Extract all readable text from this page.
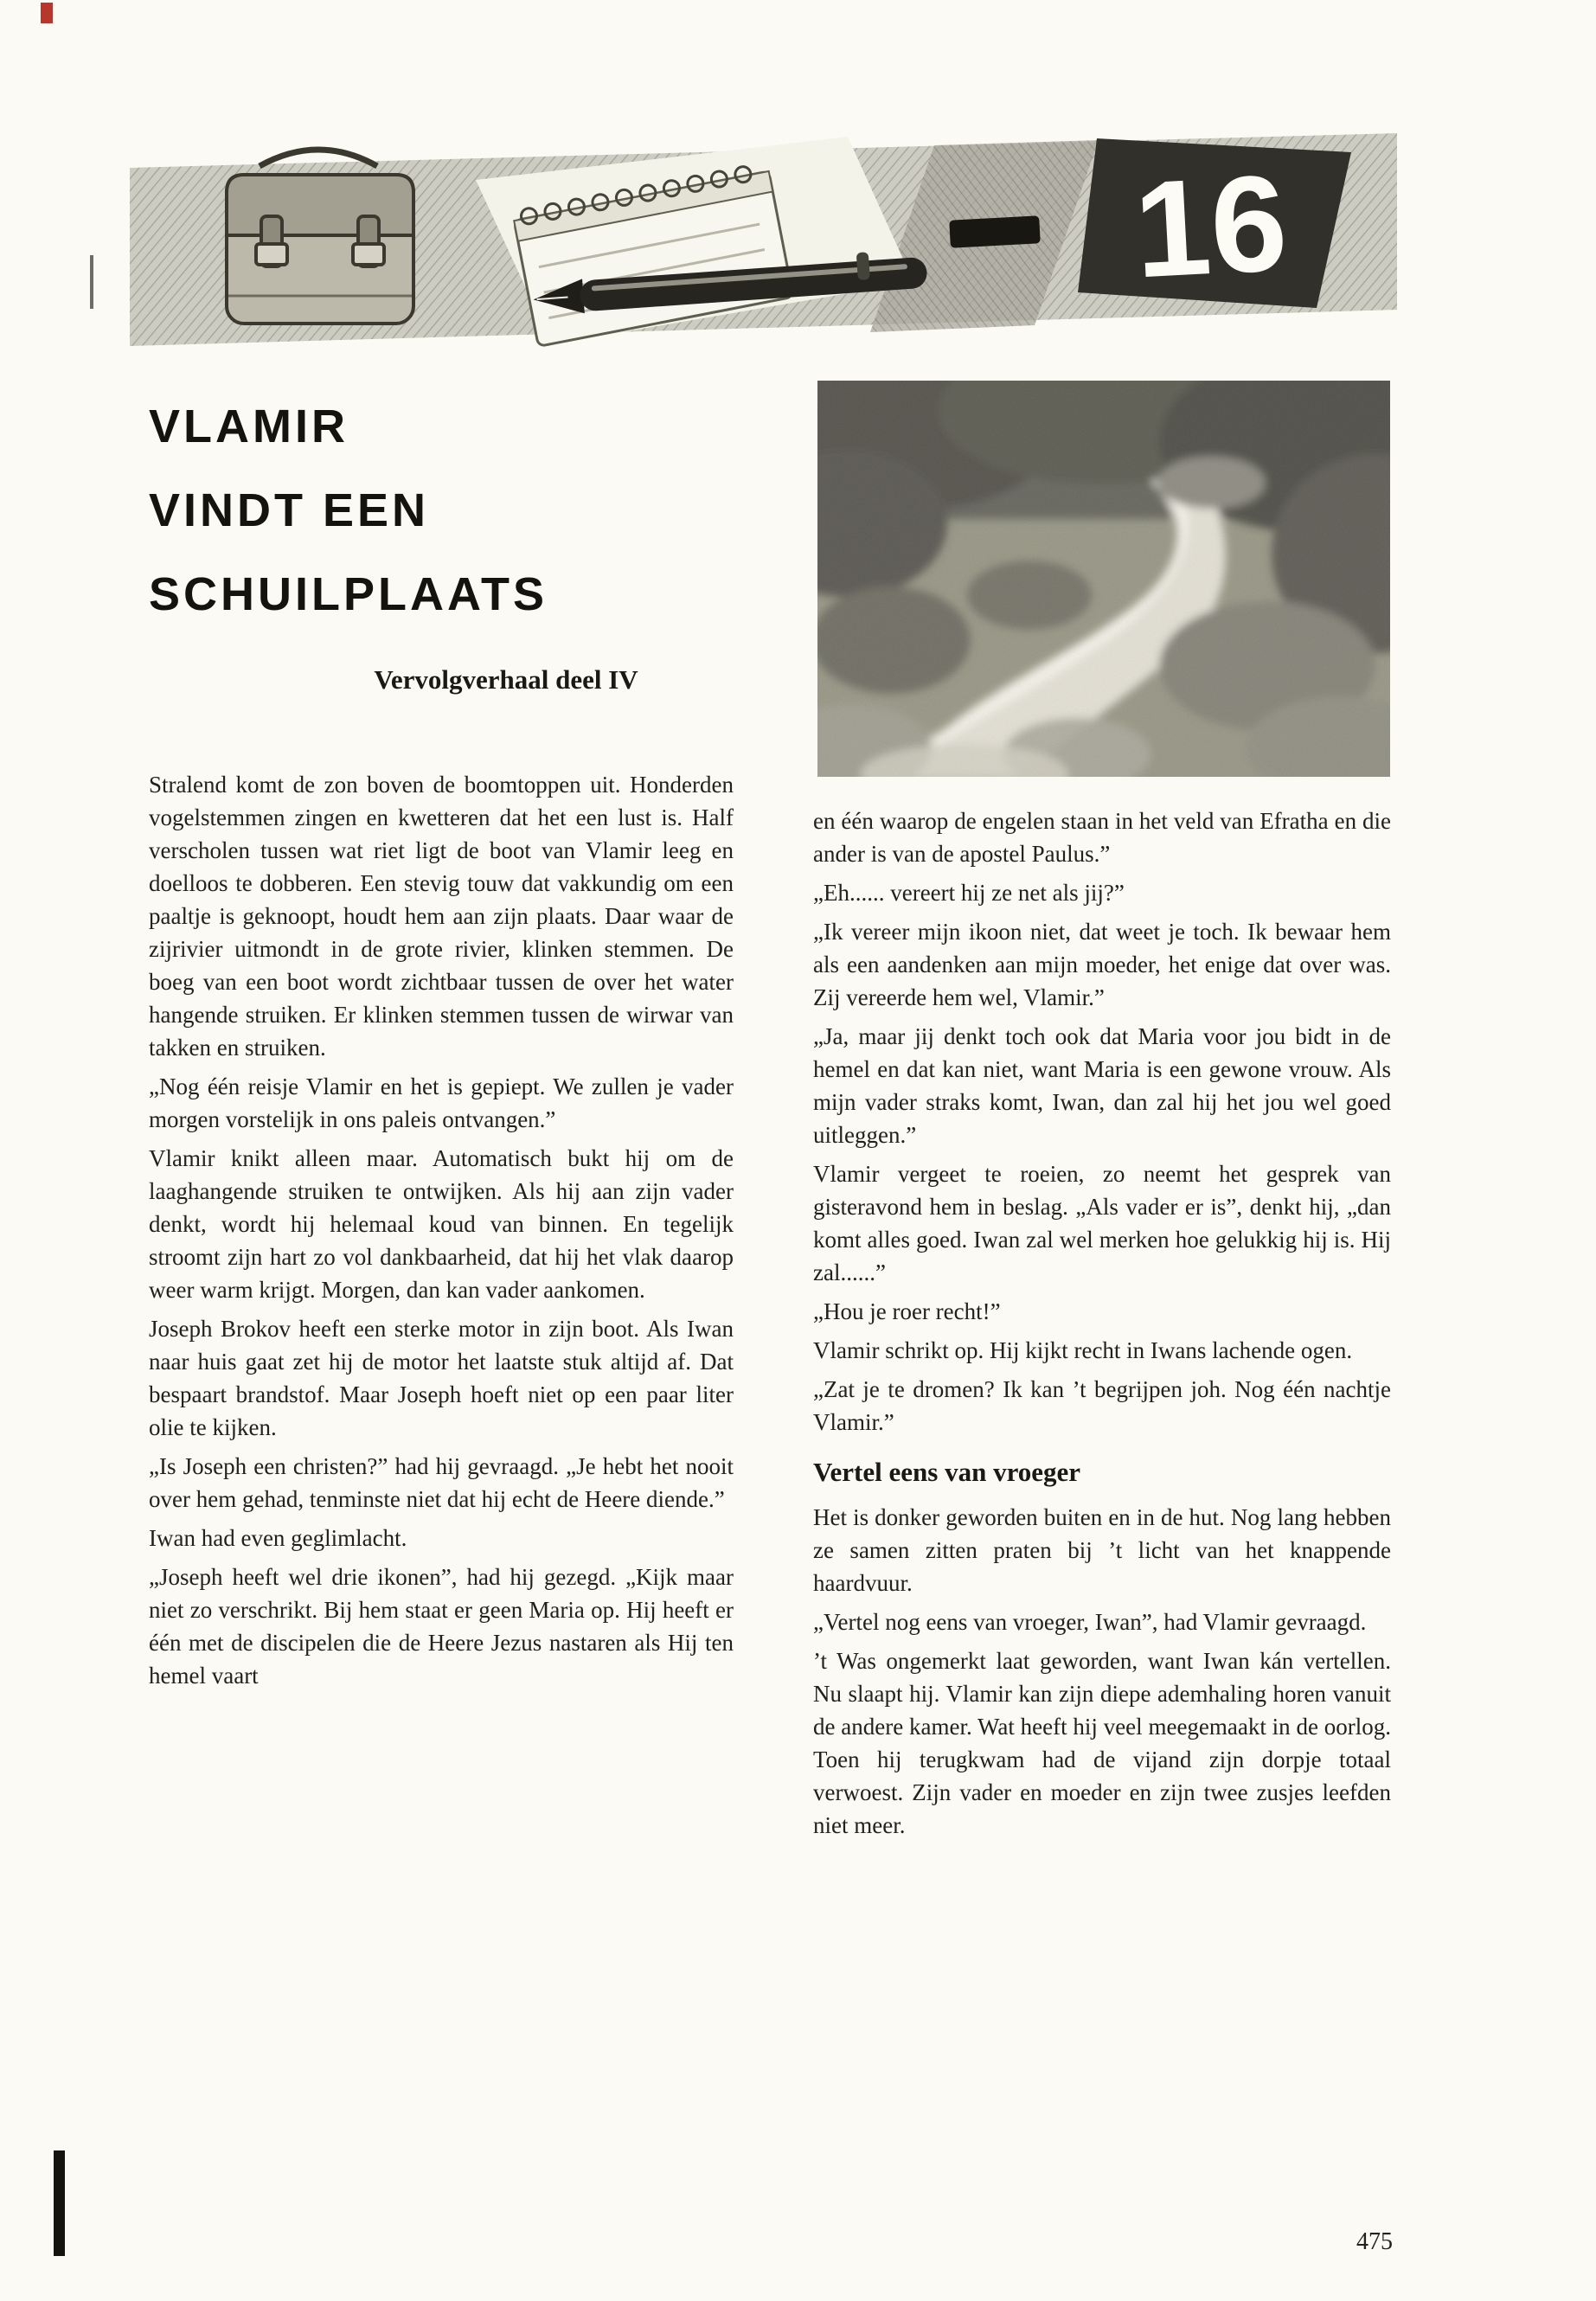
16
VLAMIR
VINDT EEN
SCHUILPLAATS
Vervolgverhaal deel IV

Stralend komt de zon boven de boomtoppen uit. Honderden vogelstemmen zingen en kwetteren dat het een lust is. Half verscholen tussen wat riet ligt de boot van Vlamir leeg en doelloos te dobberen. Een stevig touw dat vakkundig om een paaltje is geknoopt, houdt hem aan zijn plaats. Daar waar de zijrivier uitmondt in de grote rivier, klinken stemmen. De boeg van een boot wordt zichtbaar tussen de over het water hangende struiken. Er klinken stemmen tussen de wirwar van takken en struiken.

„Nog één reisje Vlamir en het is gepiept. We zullen je vader morgen vorstelijk in ons paleis ontvangen.”

Vlamir knikt alleen maar. Automatisch bukt hij om de laaghangende struiken te ontwijken. Als hij aan zijn vader denkt, wordt hij helemaal koud van binnen. En tegelijk stroomt zijn hart zo vol dankbaarheid, dat hij het vlak daarop weer warm krijgt. Morgen, dan kan vader aankomen.

Joseph Brokov heeft een sterke motor in zijn boot. Als Iwan naar huis gaat zet hij de motor het laatste stuk altijd af. Dat bespaart brandstof. Maar Joseph hoeft niet op een paar liter olie te kijken.

„Is Joseph een christen?” had hij gevraagd. „Je hebt het nooit over hem gehad, tenminste niet dat hij echt de Heere diende.”

Iwan had even geglimlacht.

„Joseph heeft wel drie ikonen”, had hij gezegd. „Kijk maar niet zo verschrikt. Bij hem staat er geen Maria op. Hij heeft er één met de discipelen die de Heere Jezus nastaren als Hij ten hemel vaart

en één waarop de engelen staan in het veld van Efratha en die ander is van de apostel Paulus.”

„Eh...... vereert hij ze net als jij?”

„Ik vereer mijn ikoon niet, dat weet je toch. Ik bewaar hem als een aandenken aan mijn moeder, het enige dat over was. Zij vereerde hem wel, Vlamir.”

„Ja, maar jij denkt toch ook dat Maria voor jou bidt in de hemel en dat kan niet, want Maria is een gewone vrouw. Als mijn vader straks komt, Iwan, dan zal hij het jou wel goed uitleggen.”

Vlamir vergeet te roeien, zo neemt het gesprek van gisteravond hem in beslag. „Als vader er is”, denkt hij, „dan komt alles goed. Iwan zal wel merken hoe gelukkig hij is. Hij zal......”

„Hou je roer recht!”

Vlamir schrikt op. Hij kijkt recht in Iwans lachende ogen.

„Zat je te dromen? Ik kan ’t begrijpen joh. Nog één nachtje Vlamir.”

Vertel eens van vroeger

Het is donker geworden buiten en in de hut. Nog lang hebben ze samen zitten praten bij ’t licht van het knappende haardvuur.

„Vertel nog eens van vroeger, Iwan”, had Vlamir gevraagd.

’t Was ongemerkt laat geworden, want Iwan kán vertellen. Nu slaapt hij. Vlamir kan zijn diepe ademhaling horen vanuit de andere kamer. Wat heeft hij veel meegemaakt in de oorlog. Toen hij terugkwam had de vijand zijn dorpje totaal verwoest. Zijn vader en moeder en zijn twee zusjes leefden niet meer.

475
